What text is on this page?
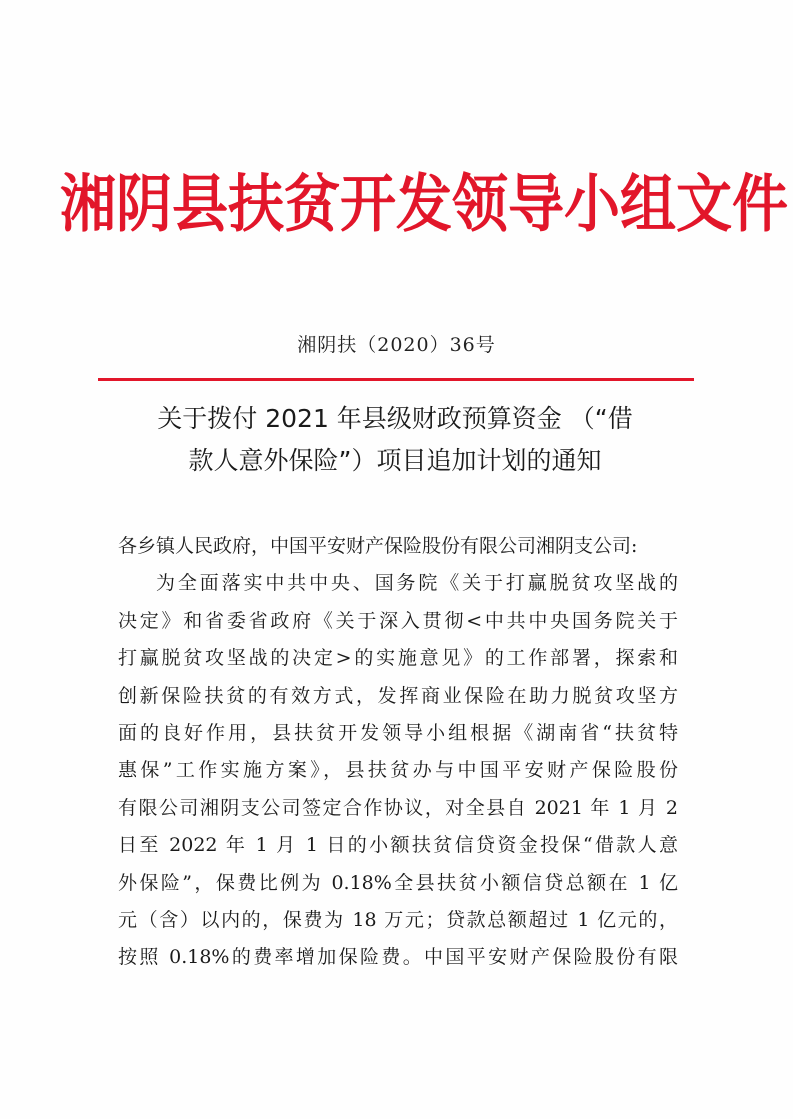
湘阴县扶贫开发领导小组文件
湘阴扶（2020）36号
关于拨付 2021 年县级财政预算资金 （“借
款人意外保险”）项目追加计划的通知
各乡镇人民政府，中国平安财产保险股份有限公司湘阴支公司:
为全面落实中共中央、国务院《关于打赢脱贫攻坚战的
决定》和省委省政府《关于深入贯彻<中共中央国务院关于
打赢脱贫攻坚战的决定>的实施意见》的工作部署，探索和
创新保险扶贫的有效方式，发挥商业保险在助力脱贫攻坚方
面的良好作用，县扶贫开发领导小组根据《湖南省“扶贫特
惠保”工作实施方案》，县扶贫办与中国平安财产保险股份
有限公司湘阴支公司签定合作协议，对全县自 2021 年 1 月 2
日至 2022 年 1 月 1 日的小额扶贫信贷资金投保“借款人意
外保险”，保费比例为 0.18%全县扶贫小额信贷总额在 1 亿
元（含）以内的，保费为 18 万元；贷款总额超过 1 亿元的，
按照 0.18%的费率增加保险费。中国平安财产保险股份有限
